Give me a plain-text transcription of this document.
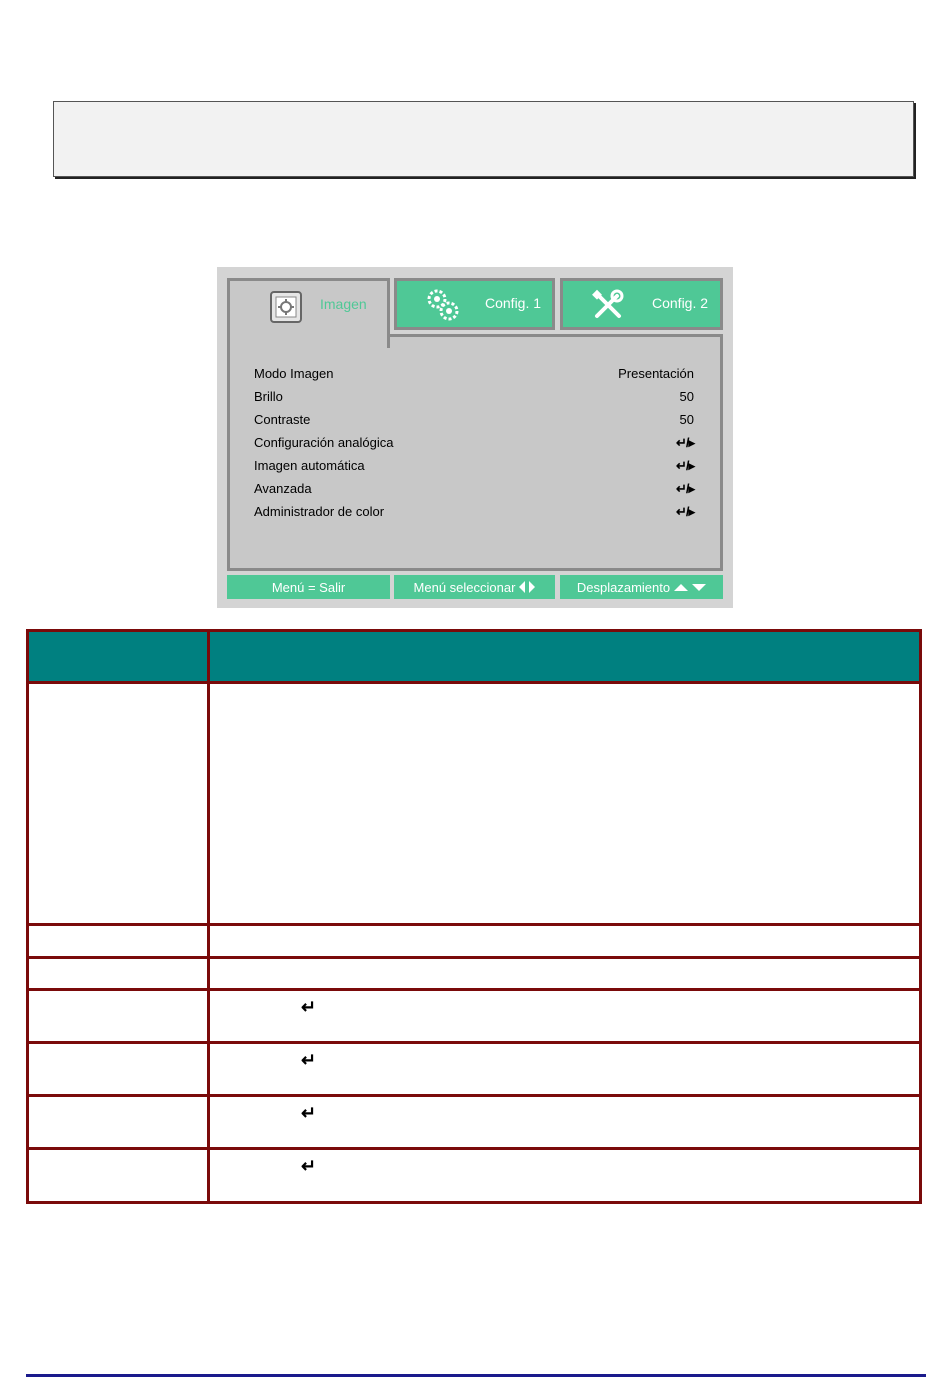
Imagen	Config. 1	Config. 2
Modo Imagen	Presentación
Brillo	50
Contraste	50
Configuración analógica	↵/▸
Imagen automática	↵/▸
Avanzada	↵/▸
Administrador de color	↵/▸
Menú = Salir	Menú seleccionar	Desplazamiento

	↵

	↵

	↵

	↵
